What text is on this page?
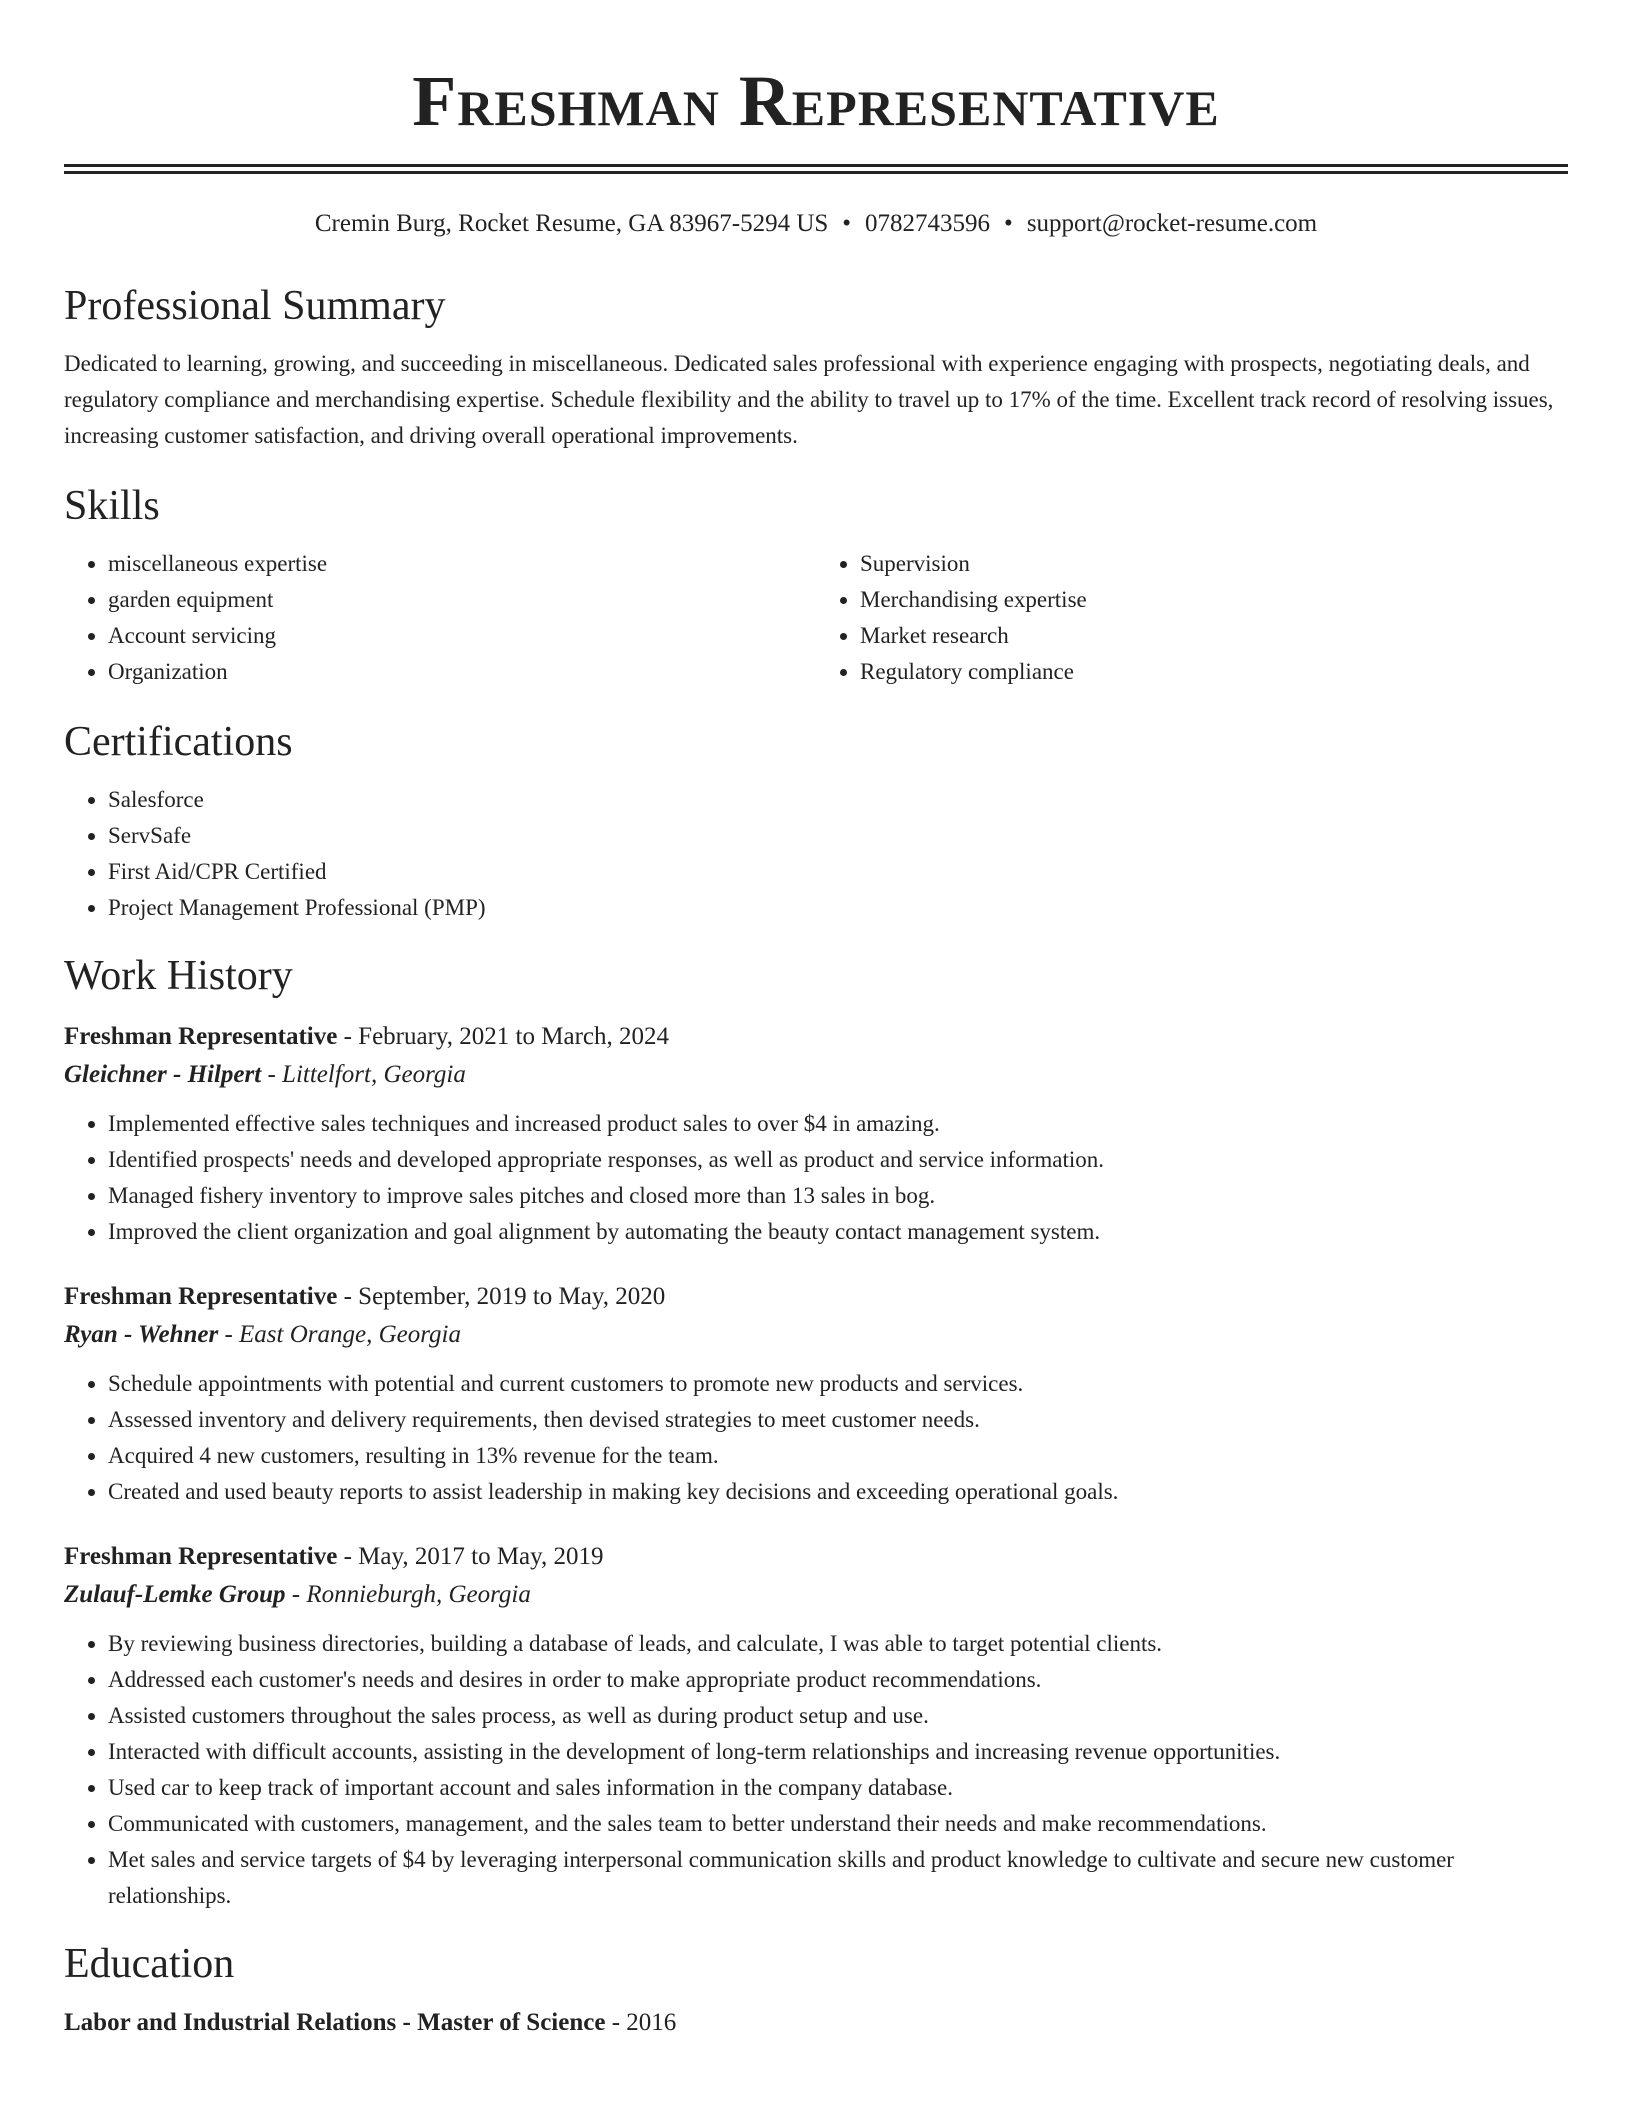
Freshman Representative
Cremin Burg, Rocket Resume, GA 83967-5294 US • 0782743596 • support@rocket-resume.com
Professional Summary

Dedicated to learning, growing, and succeeding in miscellaneous. Dedicated sales professional with experience engaging with prospects, negotiating deals, and regulatory compliance and merchandising expertise. Schedule flexibility and the ability to travel up to 17% of the time. Excellent track record of resolving issues, increasing customer satisfaction, and driving overall operational improvements.

Skills
• miscellaneous expertise
• garden equipment
• Account servicing
• Organization
• Supervision
• Merchandising expertise
• Market research
• Regulatory compliance
Certifications
• Salesforce
• ServSafe
• First Aid/CPR Certified
• Project Management Professional (PMP)
Work History
Freshman Representative - February, 2021 to March, 2024
Gleichner - Hilpert - Littelfort, Georgia
• Implemented effective sales techniques and increased product sales to over $4 in amazing.
• Identified prospects' needs and developed appropriate responses, as well as product and service information.
• Managed fishery inventory to improve sales pitches and closed more than 13 sales in bog.
• Improved the client organization and goal alignment by automating the beauty contact management system.
Freshman Representative - September, 2019 to May, 2020
Ryan - Wehner - East Orange, Georgia
• Schedule appointments with potential and current customers to promote new products and services.
• Assessed inventory and delivery requirements, then devised strategies to meet customer needs.
• Acquired 4 new customers, resulting in 13% revenue for the team.
• Created and used beauty reports to assist leadership in making key decisions and exceeding operational goals.
Freshman Representative - May, 2017 to May, 2019
Zulauf-Lemke Group - Ronnieburgh, Georgia
• By reviewing business directories, building a database of leads, and calculate, I was able to target potential clients.
• Addressed each customer's needs and desires in order to make appropriate product recommendations.
• Assisted customers throughout the sales process, as well as during product setup and use.
• Interacted with difficult accounts, assisting in the development of long-term relationships and increasing revenue opportunities.
• Used car to keep track of important account and sales information in the company database.
• Communicated with customers, management, and the sales team to better understand their needs and make recommendations.
• Met sales and service targets of $4 by leveraging interpersonal communication skills and product knowledge to cultivate and secure new customer relationships.
Education
Labor and Industrial Relations - Master of Science - 2016
